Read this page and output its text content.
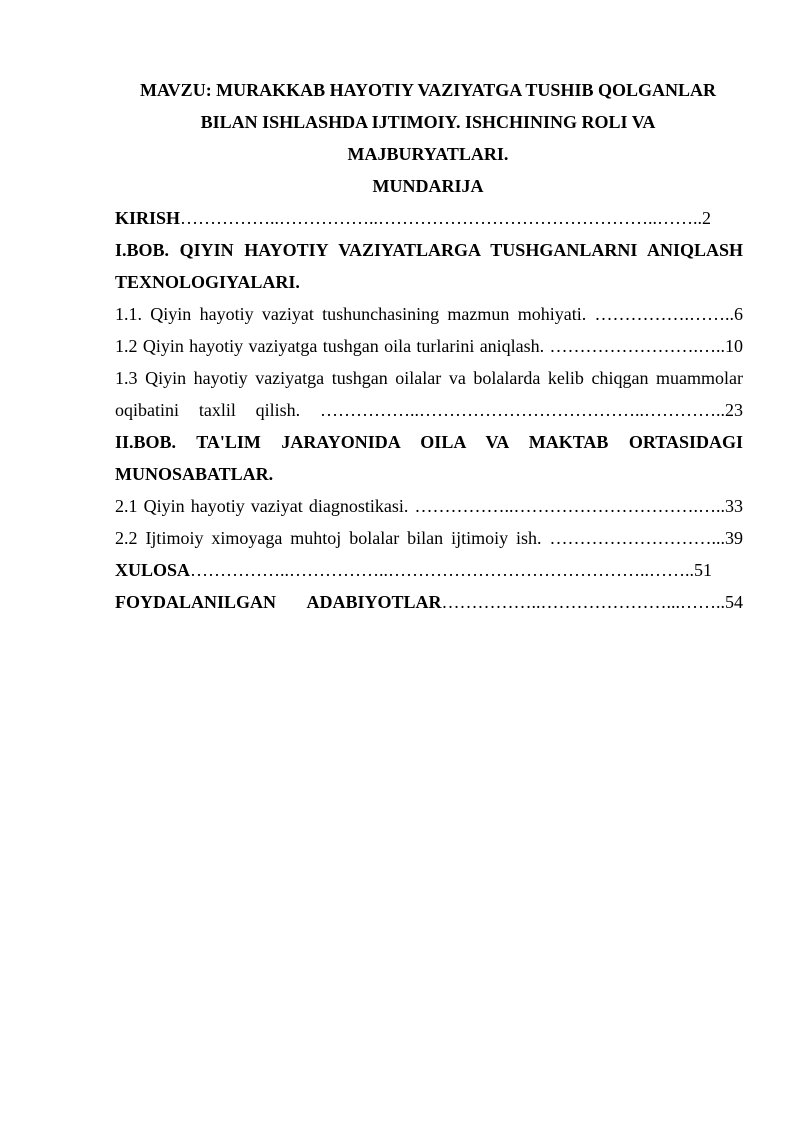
MAVZU: MURAKKAB HAYOTIY VAZIYATGA TUSHIB QOLGANLAR
BILAN ISHLASHDA IJTIMOIY. ISHCHINING ROLI VA
MAJBURYATLARI.
MUNDARIJA
KIRISH……………..……………..………………………………………..……..2
I.BOB. QIYIN HAYOTIY VAZIYATLARGA TUSHGANLARNI ANIQLASH
TEXNOLOGIYALARI.
1.1. Qiyin hayotiy vaziyat tushunchasining mazmun mohiyati. …………….……..6
1.2 Qiyin hayotiy vaziyatga tushgan oila turlarini aniqlash. …………………….…..10
1.3 Qiyin hayotiy vaziyatga tushgan oilalar va bolalarda kelib chiqgan muammolar
oqibatini taxlil qilish. ……………..………………………………..…………..23
II.BOB. TA'LIM JARAYONIDA OILA VA MAKTAB ORTASIDAGI
MUNOSABATLAR.
2.1 Qiyin hayotiy vaziyat diagnostikasi. ……………..………………………….…..33
2.2 Ijtimoiy ximoyaga muhtoj bolalar bilan ijtimoiy ish. ………………………...39
XULOSA……………..……………..……………………………………..……..51
FOYDALANILGAN ADABIYOTLAR……………..…………………...……..54
